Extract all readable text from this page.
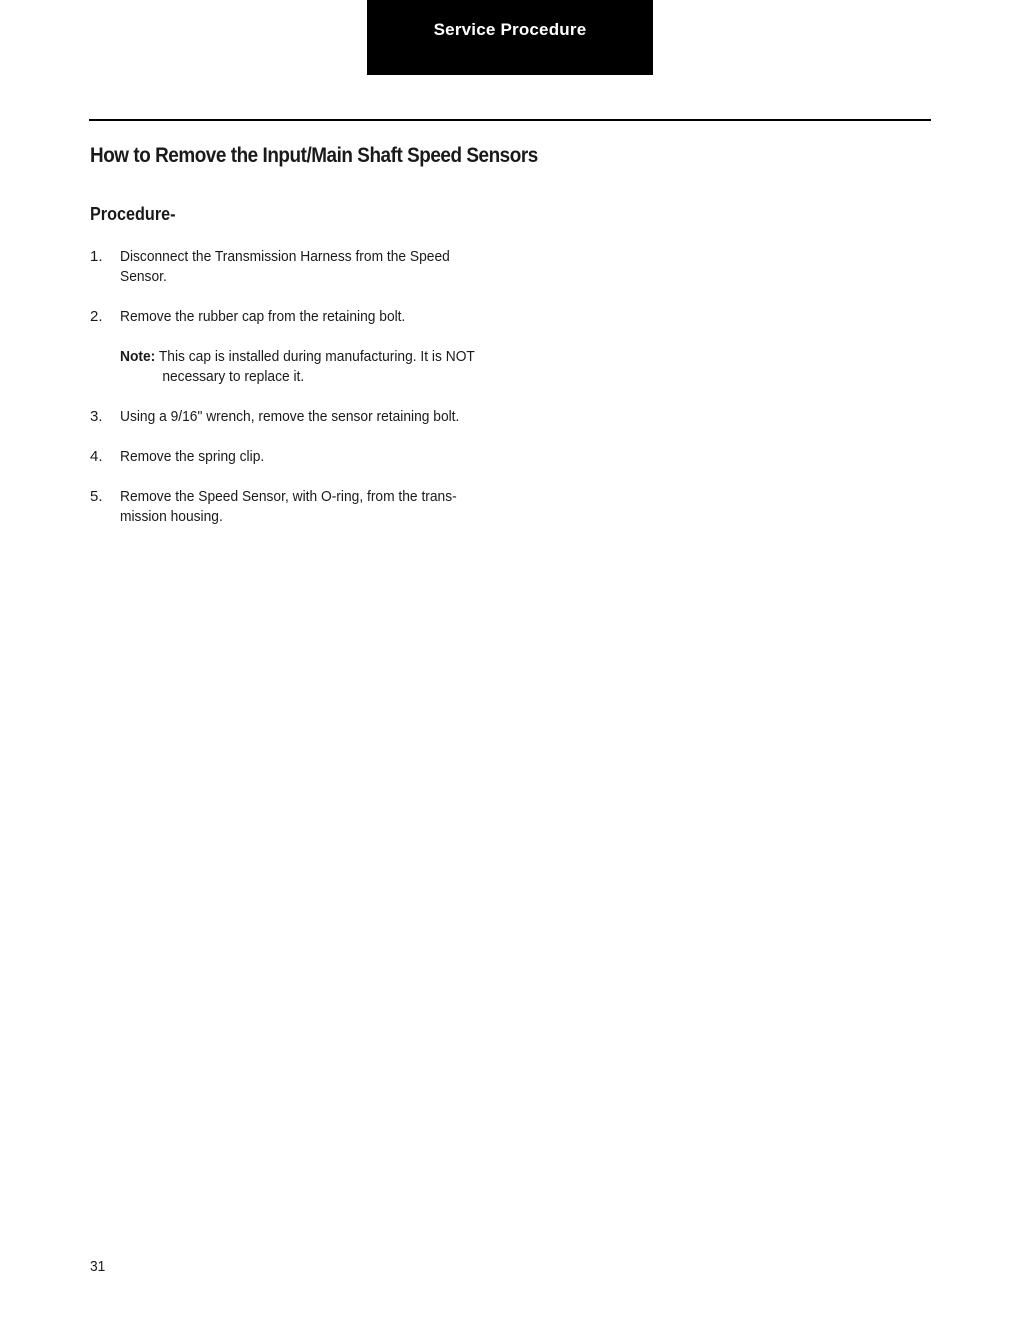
Service Procedure
How to Remove the Input/Main Shaft Speed Sensors
Procedure-
1. Disconnect the Transmission Harness from the Speed Sensor.
2. Remove the rubber cap from the retaining bolt.
Note: This cap is installed during manufacturing. It is NOT necessary to replace it.
3. Using a 9/16" wrench, remove the sensor retaining bolt.
4. Remove the spring clip.
5. Remove the Speed Sensor, with O-ring, from the trans- mission housing.
31
